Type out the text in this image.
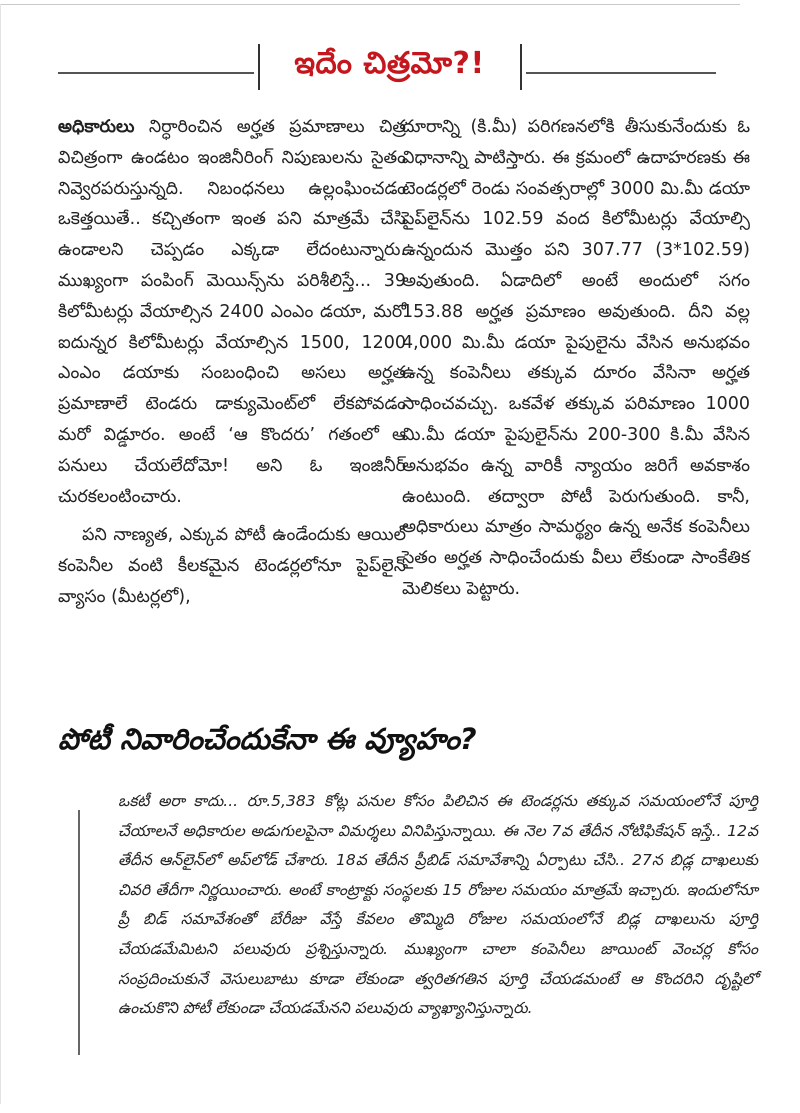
ఇదేం చిత్రమో?!

అధికారులు నిర్ధారించిన అర్హత ప్రమాణాలు చిత్ర విచిత్రంగా ఉండటం ఇంజినీరింగ్ నిపుణులను సైతం నివ్వెరపరుస్తున్నది. నిబంధనలు ఉల్లంఘించడం ఒకెత్తయితే.. కచ్చితంగా ఇంత పని మాత్రమే చేసి ఉండాలని చెప్పడం ఎక్కడా లేదంటున్నారు. ముఖ్యంగా పంపింగ్ మెయిన్స్‌ను పరిశీలిస్తే... 39 కిలోమీటర్లు వేయాల్సిన 2400 ఎంఎం డయా, మరో ఐదున్నర కిలోమీటర్లు వేయాల్సిన 1500, 1200 ఎంఎం డయాకు సంబంధించి అసలు అర్హత ప్రమాణాలే టెండరు డాక్యుమెంట్‌లో లేకపోవడం మరో విడ్డూరం. అంటే ‘ఆ కొందరు’ గతంలో ఆ పనులు చేయలేదోమో! అని ఓ ఇంజినీర్ చురకలంటించారు.

పని నాణ్యత, ఎక్కువ పోటీ ఉండేందుకు ఆయిల్ కంపెనీల వంటి కీలకమైన టెండర్లలోనూ పైప్‌లైన్ వ్యాసం (మీటర్లలో),

దూరాన్ని (కి.మీ) పరిగణనలోకి తీసుకునేందుకు ఓ విధానాన్ని పాటిస్తారు. ఈ క్రమంలో ఉదాహరణకు ఈ టెండర్లలో రెండు సంవత్సరాల్లో 3000 మి.మీ డయా పైప్‌లైన్‌ను 102.59 వంద కిలోమీటర్లు వేయాల్సి ఉన్నందున మొత్తం పని 307.77 (3*102.59) అవుతుంది. ఏడాదిలో అంటే అందులో సగం 153.88 అర్హత ప్రమాణం అవుతుంది. దీని వల్ల 4,000 మి.మీ డయా పైపులైను వేసిన అనుభవం ఉన్న కంపెనీలు తక్కువ దూరం వేసినా అర్హత సాధించవచ్చు. ఒకవేళ తక్కువ పరిమాణం 1000 మి.మీ డయా పైపులైన్‌ను 200-300 కి.మీ వేసిన అనుభవం ఉన్న వారికీ న్యాయం జరిగే అవకాశం ఉంటుంది. తద్వారా పోటీ పెరుగుతుంది. కానీ, అధికారులు మాత్రం సామర్థ్యం ఉన్న అనేక కంపెనీలు సైతం అర్హత సాధించేందుకు వీలు లేకుండా సాంకేతిక మెలికలు పెట్టారు.

పోటీ నివారించేందుకేనా ఈ వ్యూహం?

ఒకటీ అరా కాదు... రూ.5,383 కోట్ల పనుల కోసం పిలిచిన ఈ టెండర్లను తక్కువ సమయంలోనే పూర్తి చేయాలనే అధికారుల అడుగులపైనా విమర్శలు వినిపిస్తున్నాయి. ఈ నెల 7వ తేదీన నోటిఫికేషన్ ఇస్తే.. 12వ తేదీన ఆన్‌లైన్‌లో అప్‌లోడ్ చేశారు. 18వ తేదీన ప్రీబిడ్ సమావేశాన్ని ఏర్పాటు చేసి.. 27న బిడ్ల దాఖలుకు చివరి తేదీగా నిర్ణయించారు. అంటే కాంట్రాక్టు సంస్థలకు 15 రోజుల సమయం మాత్రమే ఇచ్చారు. ఇందులోనూ ప్రీ బిడ్ సమావేశంతో బేరీజు వేస్తే కేవలం తొమ్మిది రోజుల సమయంలోనే బిడ్ల దాఖలును పూర్తి చేయడమేమిటని పలువురు ప్రశ్నిస్తున్నారు. ముఖ్యంగా చాలా కంపెనీలు జాయింట్ వెంచర్ల కోసం సంప్రదించుకునే వెసులుబాటు కూడా లేకుండా త్వరితగతిన పూర్తి చేయడమంటే ఆ కొందరిని దృష్టిలో ఉంచుకొని పోటీ లేకుండా చేయడమేనని పలువురు వ్యాఖ్యానిస్తున్నారు.
